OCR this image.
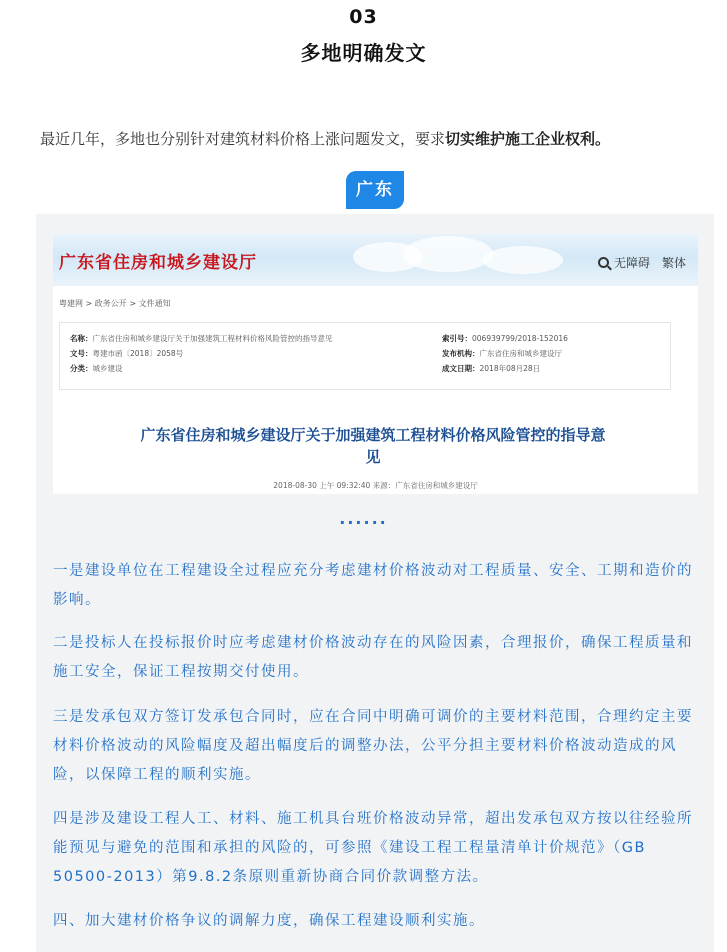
03
多地明确发文
最近几年，多地也分别针对建筑材料价格上涨问题发文，要求切实维护施工企业权利。
广东
广东省住房和城乡建设厅	无障碍 繁体
粤建网 > 政务公开 > 文件通知
名称：广东省住房和城乡建设厅关于加强建筑工程材料价格风险管控的指导意见
文号：粤建市函〔2018〕2058号
分类：城乡建设
索引号：006939799/2018-152016
发布机构：广东省住房和城乡建设厅
成文日期：2018年08月28日
广东省住房和城乡建设厅关于加强建筑工程材料价格风险管控的指导意
见
2018-08-30 上午 09:32:40 来源：广东省住房和城乡建设厅
······
一是建设单位在工程建设全过程应充分考虑建材价格波动对工程质量、安全、工期和造价的影响。
二是投标人在投标报价时应考虑建材价格波动存在的风险因素，合理报价，确保工程质量和施工安全，保证工程按期交付使用。
三是发承包双方签订发承包合同时，应在合同中明确可调价的主要材料范围，合理约定主要材料价格波动的风险幅度及超出幅度后的调整办法，公平分担主要材料价格波动造成的风险，以保障工程的顺利实施。
四是涉及建设工程人工、材料、施工机具台班价格波动异常，超出发承包双方按以往经验所能预见与避免的范围和承担的风险的，可参照《建设工程工程量清单计价规范》（GB 50500-2013）第9.8.2条原则重新协商合同价款调整方法。
四、加大建材价格争议的调解力度，确保工程建设顺利实施。
